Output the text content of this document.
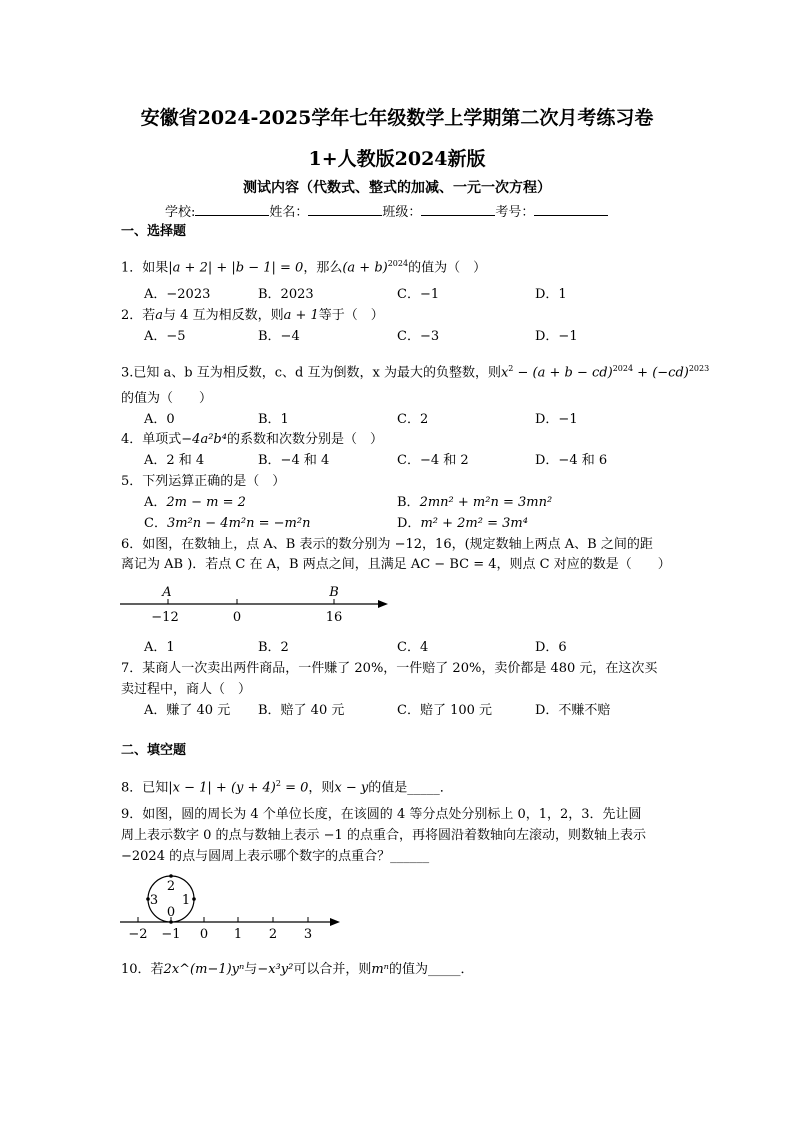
安徽省2024-2025学年七年级数学上学期第二次月考练习卷
1+人教版2024新版
测试内容（代数式、整式的加减、一元一次方程）
学校:	姓名：	班级：	考号：
一、选择题
1．如果|a + 2| + |b − 1| = 0，那么$(a + b)^{2024}$的值为（　）
A．−2023	B．2023	C．−1	D．1
2．若a与 4 互为相反数，则a + 1等于（　）
A．−5	B．−4	C．−3	D．−1
3.已知 a、b 互为相反数，c、d 互为倒数，x 为最大的负整数，则$x^2 - (a + b - cd)^{2024} + (-cd)^{2023}$
的值为（　　）
A．0	B．1	C．2	D．−1
4．单项式−4a²b⁴的系数和次数分别是（　）
A．2 和 4	B．−4 和 4	C．−4 和 2	D．−4 和 6
5．下列运算正确的是（　）
A．2m − m = 2	B．2mn² + m²n = 3mn²
C．3m²n − 4m²n = −m²n	D．m² + 2m² = 3m⁴
6．如图，在数轴上，点 A、B 表示的数分别为 −12，16，(规定数轴上两点 A、B 之间的距
离记为 AB )．若点 C 在 A，B 两点之间，且满足 AC − BC = 4，则点 C 对应的数是（　　）
A	B
−12	0	16
A．1	B．2	C．4	D．6
7．某商人一次卖出两件商品，一件赚了 20%，一件赔了 20%，卖价都是 480 元，在这次买
卖过程中，商人（　）
A．赚了 40 元 B．赔了 40 元	C．赔了 100 元	D．不赚不赔
二、填空题
8．已知$|x - 1| + (y + 4)^2 = 0$，则x − y的值是_____．
9．如图，圆的周长为 4 个单位长度，在该圆的 4 等分点处分别标上 0，1，2，3．先让圆
周上表示数字 0 的点与数轴上表示 −1 的点重合，再将圆沿着数轴向左滚动，则数轴上表示
−2024 的点与圆周上表示哪个数字的点重合？______
2
3 1
0
−2 −1 0 1 2 3
10．若2x^(m−1)yⁿ与−x³y²可以合并，则mⁿ的值为_____．
